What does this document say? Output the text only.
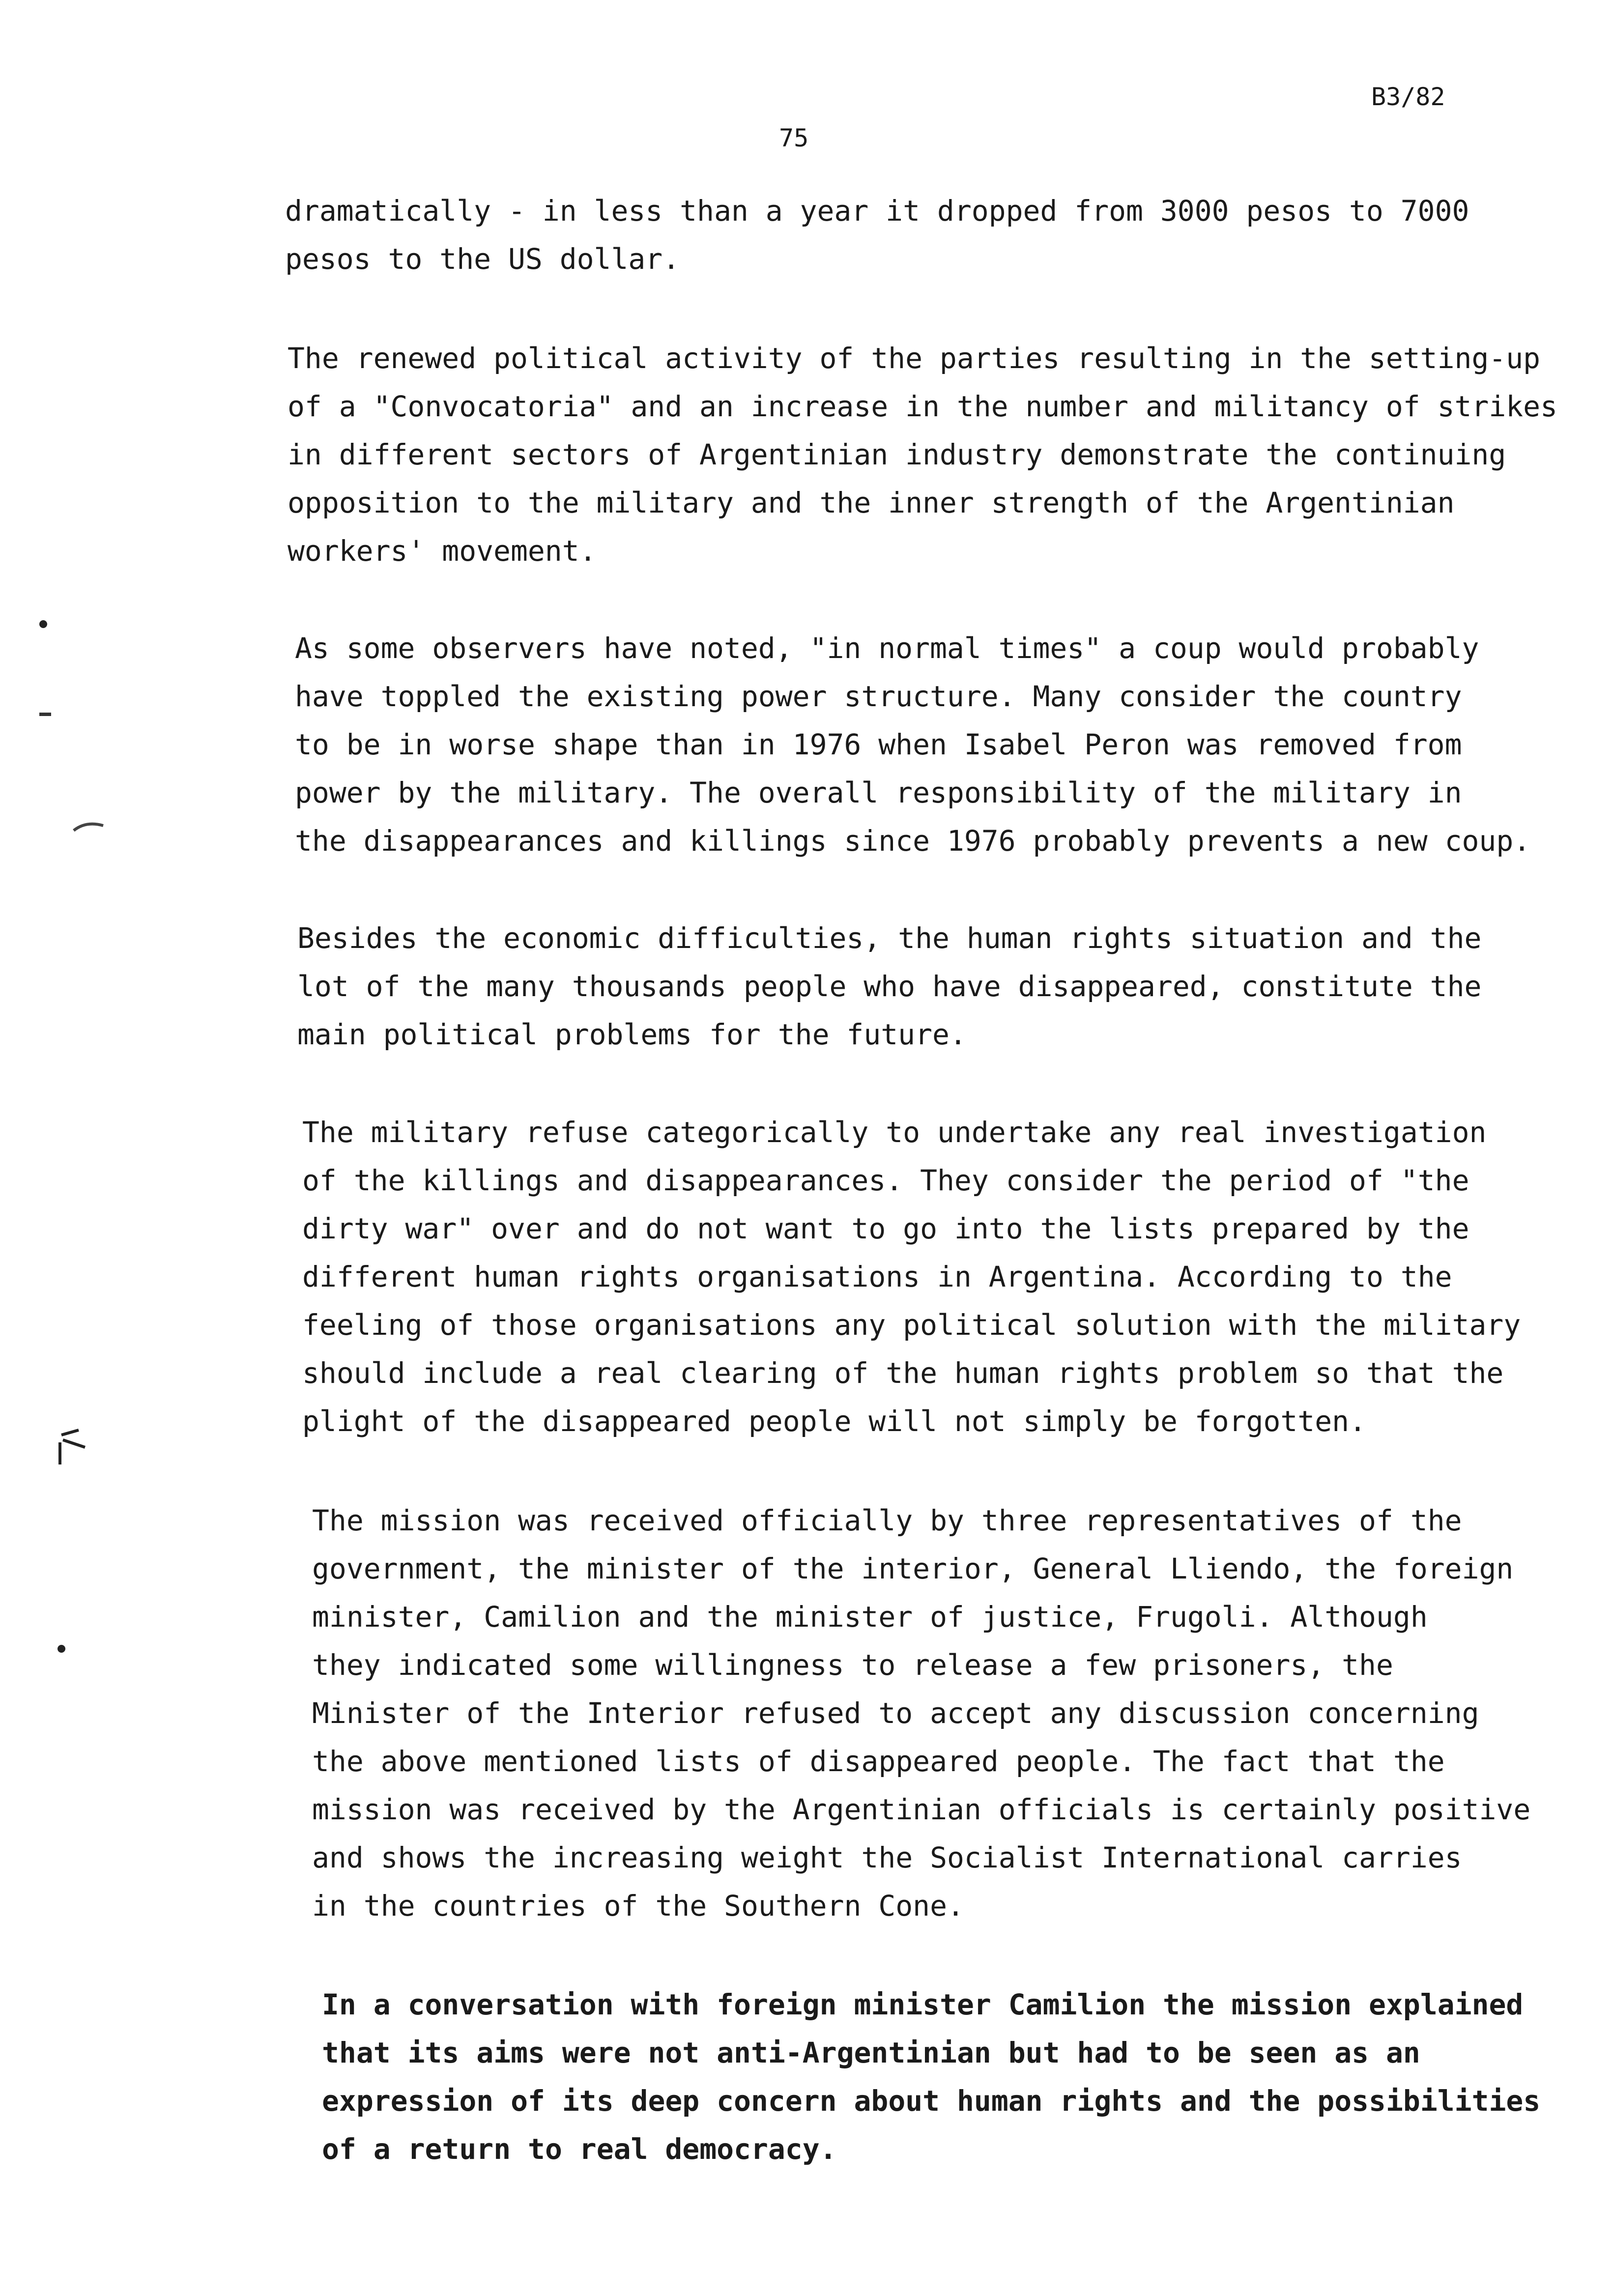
B3/82
75
dramatically - in less than a year it dropped from 3000 pesos to 7000
pesos to the US dollar.
The renewed political activity of the parties resulting in the setting-up
of a "Convocatoria" and an increase in the number and militancy of strikes
in different sectors of Argentinian industry demonstrate the continuing
opposition to the military and the inner strength of the Argentinian
workers' movement.
As some observers have noted, "in normal times" a coup would probably
have toppled the existing power structure. Many consider the country
to be in worse shape than in 1976 when Isabel Peron was removed from
power by the military. The overall responsibility of the military in
the disappearances and killings since 1976 probably prevents a new coup.
Besides the economic difficulties, the human rights situation and the
lot of the many thousands people who have disappeared, constitute the
main political problems for the future.
The military refuse categorically to undertake any real investigation
of the killings and disappearances. They consider the period of "the
dirty war" over and do not want to go into the lists prepared by the
different human rights organisations in Argentina. According to the
feeling of those organisations any political solution with the military
should include a real clearing of the human rights problem so that the
plight of the disappeared people will not simply be forgotten.
The mission was received officially by three representatives of the
government, the minister of the interior, General Lliendo, the foreign
minister, Camilion and the minister of justice, Frugoli. Although
they indicated some willingness to release a few prisoners, the
Minister of the Interior refused to accept any discussion concerning
the above mentioned lists of disappeared people. The fact that the
mission was received by the Argentinian officials is certainly positive
and shows the increasing weight the Socialist International carries
in the countries of the Southern Cone.
In a conversation with foreign minister Camilion the mission explained
that its aims were not anti-Argentinian but had to be seen as an
expression of its deep concern about human rights and the possibilities
of a return to real democracy.
